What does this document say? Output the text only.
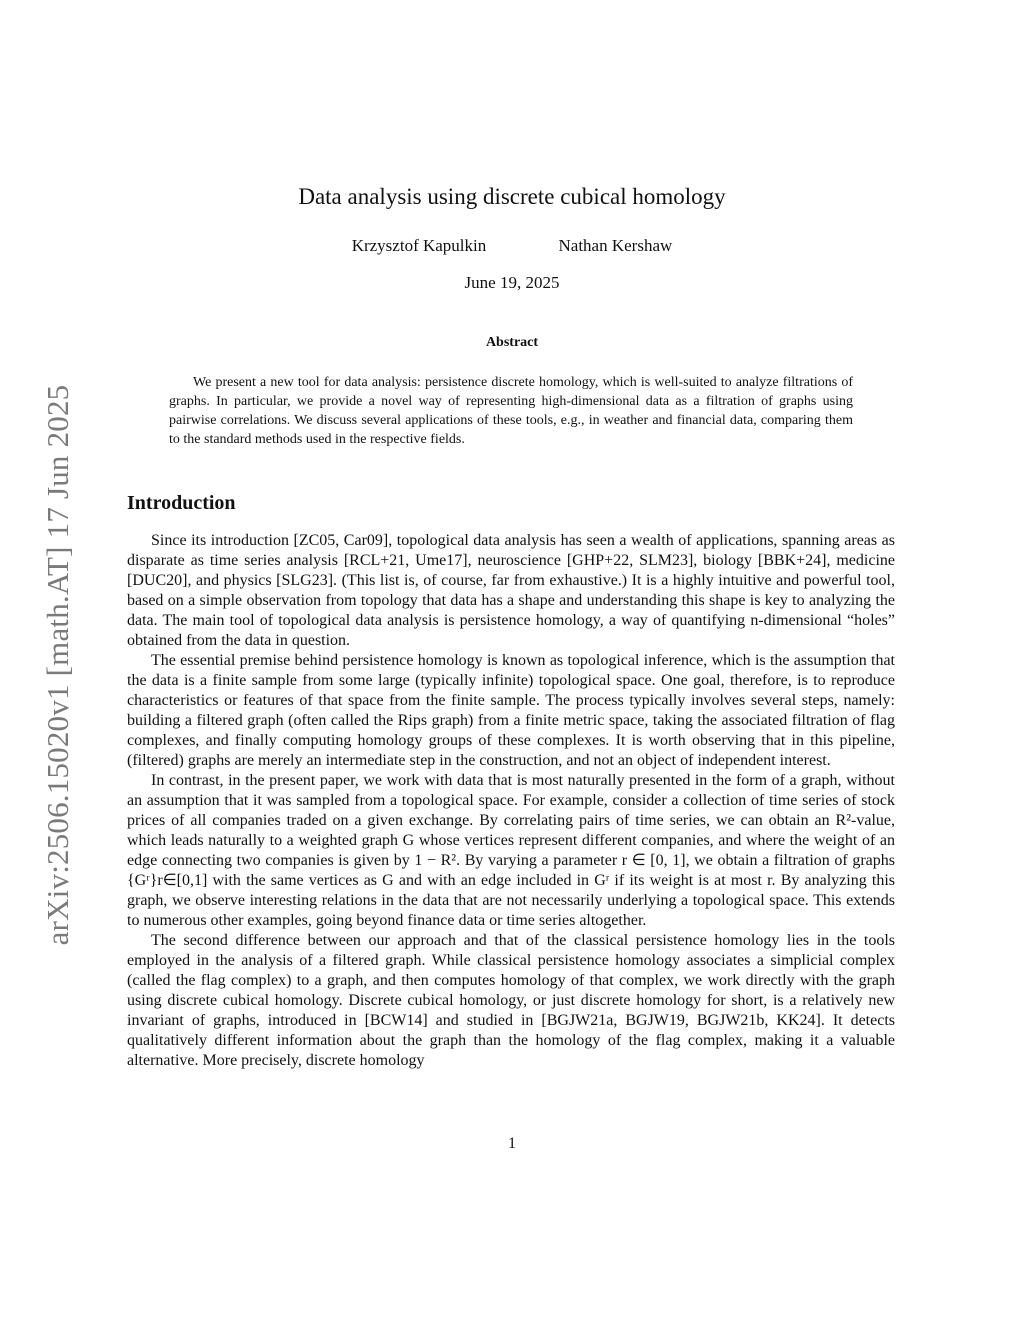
arXiv:2506.15020v1 [math.AT] 17 Jun 2025
Data analysis using discrete cubical homology
Krzysztof Kapulkin	Nathan Kershaw
June 19, 2025
Abstract

We present a new tool for data analysis: persistence discrete homology, which is well-suited to analyze filtrations of graphs. In particular, we provide a novel way of representing high-dimensional data as a filtration of graphs using pairwise correlations. We discuss several applications of these tools, e.g., in weather and financial data, comparing them to the standard methods used in the respective fields.

Introduction

Since its introduction [ZC05, Car09], topological data analysis has seen a wealth of applications, spanning areas as disparate as time series analysis [RCL+21, Ume17], neuroscience [GHP+22, SLM23], biology [BBK+24], medicine [DUC20], and physics [SLG23]. (This list is, of course, far from exhaustive.) It is a highly intuitive and powerful tool, based on a simple observation from topology that data has a shape and understanding this shape is key to analyzing the data. The main tool of topological data analysis is persistence homology, a way of quantifying n-dimensional “holes” obtained from the data in question.

The essential premise behind persistence homology is known as topological inference, which is the assumption that the data is a finite sample from some large (typically infinite) topological space. One goal, therefore, is to reproduce characteristics or features of that space from the finite sample. The process typically involves several steps, namely: building a filtered graph (often called the Rips graph) from a finite metric space, taking the associated filtration of flag complexes, and finally computing homology groups of these complexes. It is worth observing that in this pipeline, (filtered) graphs are merely an intermediate step in the construction, and not an object of independent interest.

In contrast, in the present paper, we work with data that is most naturally presented in the form of a graph, without an assumption that it was sampled from a topological space. For example, consider a collection of time series of stock prices of all companies traded on a given exchange. By correlating pairs of time series, we can obtain an R²-value, which leads naturally to a weighted graph G whose vertices represent different companies, and where the weight of an edge connecting two companies is given by 1 − R². By varying a parameter r ∈ [0, 1], we obtain a filtration of graphs {Gʳ}r∈[0,1] with the same vertices as G and with an edge included in Gʳ if its weight is at most r. By analyzing this graph, we observe interesting relations in the data that are not necessarily underlying a topological space. This extends to numerous other examples, going beyond finance data or time series altogether.

The second difference between our approach and that of the classical persistence homology lies in the tools employed in the analysis of a filtered graph. While classical persistence homology associates a simplicial complex (called the flag complex) to a graph, and then computes homology of that complex, we work directly with the graph using discrete cubical homology. Discrete cubical homology, or just discrete homology for short, is a relatively new invariant of graphs, introduced in [BCW14] and studied in [BGJW21a, BGJW19, BGJW21b, KK24]. It detects qualitatively different information about the graph than the homology of the flag complex, making it a valuable alternative. More precisely, discrete homology

1
